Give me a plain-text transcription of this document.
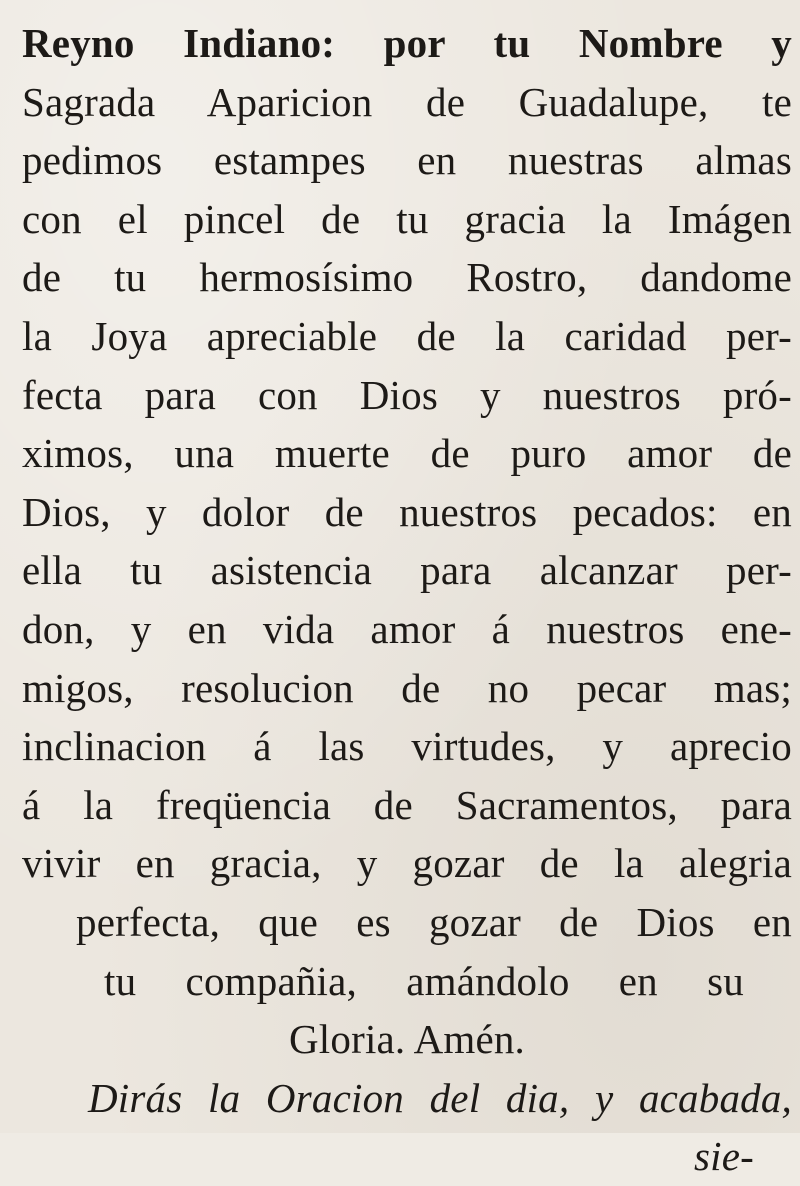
Reyno Indiano: por tu Nombre y
Sagrada Aparicion de Guadalupe, te
pedimos estampes en nuestras almas
con el pincel de tu gracia la Imágen
de tu hermosísimo Rostro, dandome
la Joya apreciable de la caridad per-
fecta para con Dios y nuestros pró-
ximos, una muerte de puro amor de
Dios, y dolor de nuestros pecados: en
ella tu asistencia para alcanzar per-
don, y en vida amor á nuestros ene-
migos, resolucion de no pecar mas;
inclinacion á las virtudes, y aprecio
á la freqüencia de Sacramentos, para
vivir en gracia, y gozar de la alegria
perfecta, que es gozar de Dios en
tu compañia, amándolo en su
Gloria. Amén.
Dirás la Oracion del dia, y acabada,
sie-
